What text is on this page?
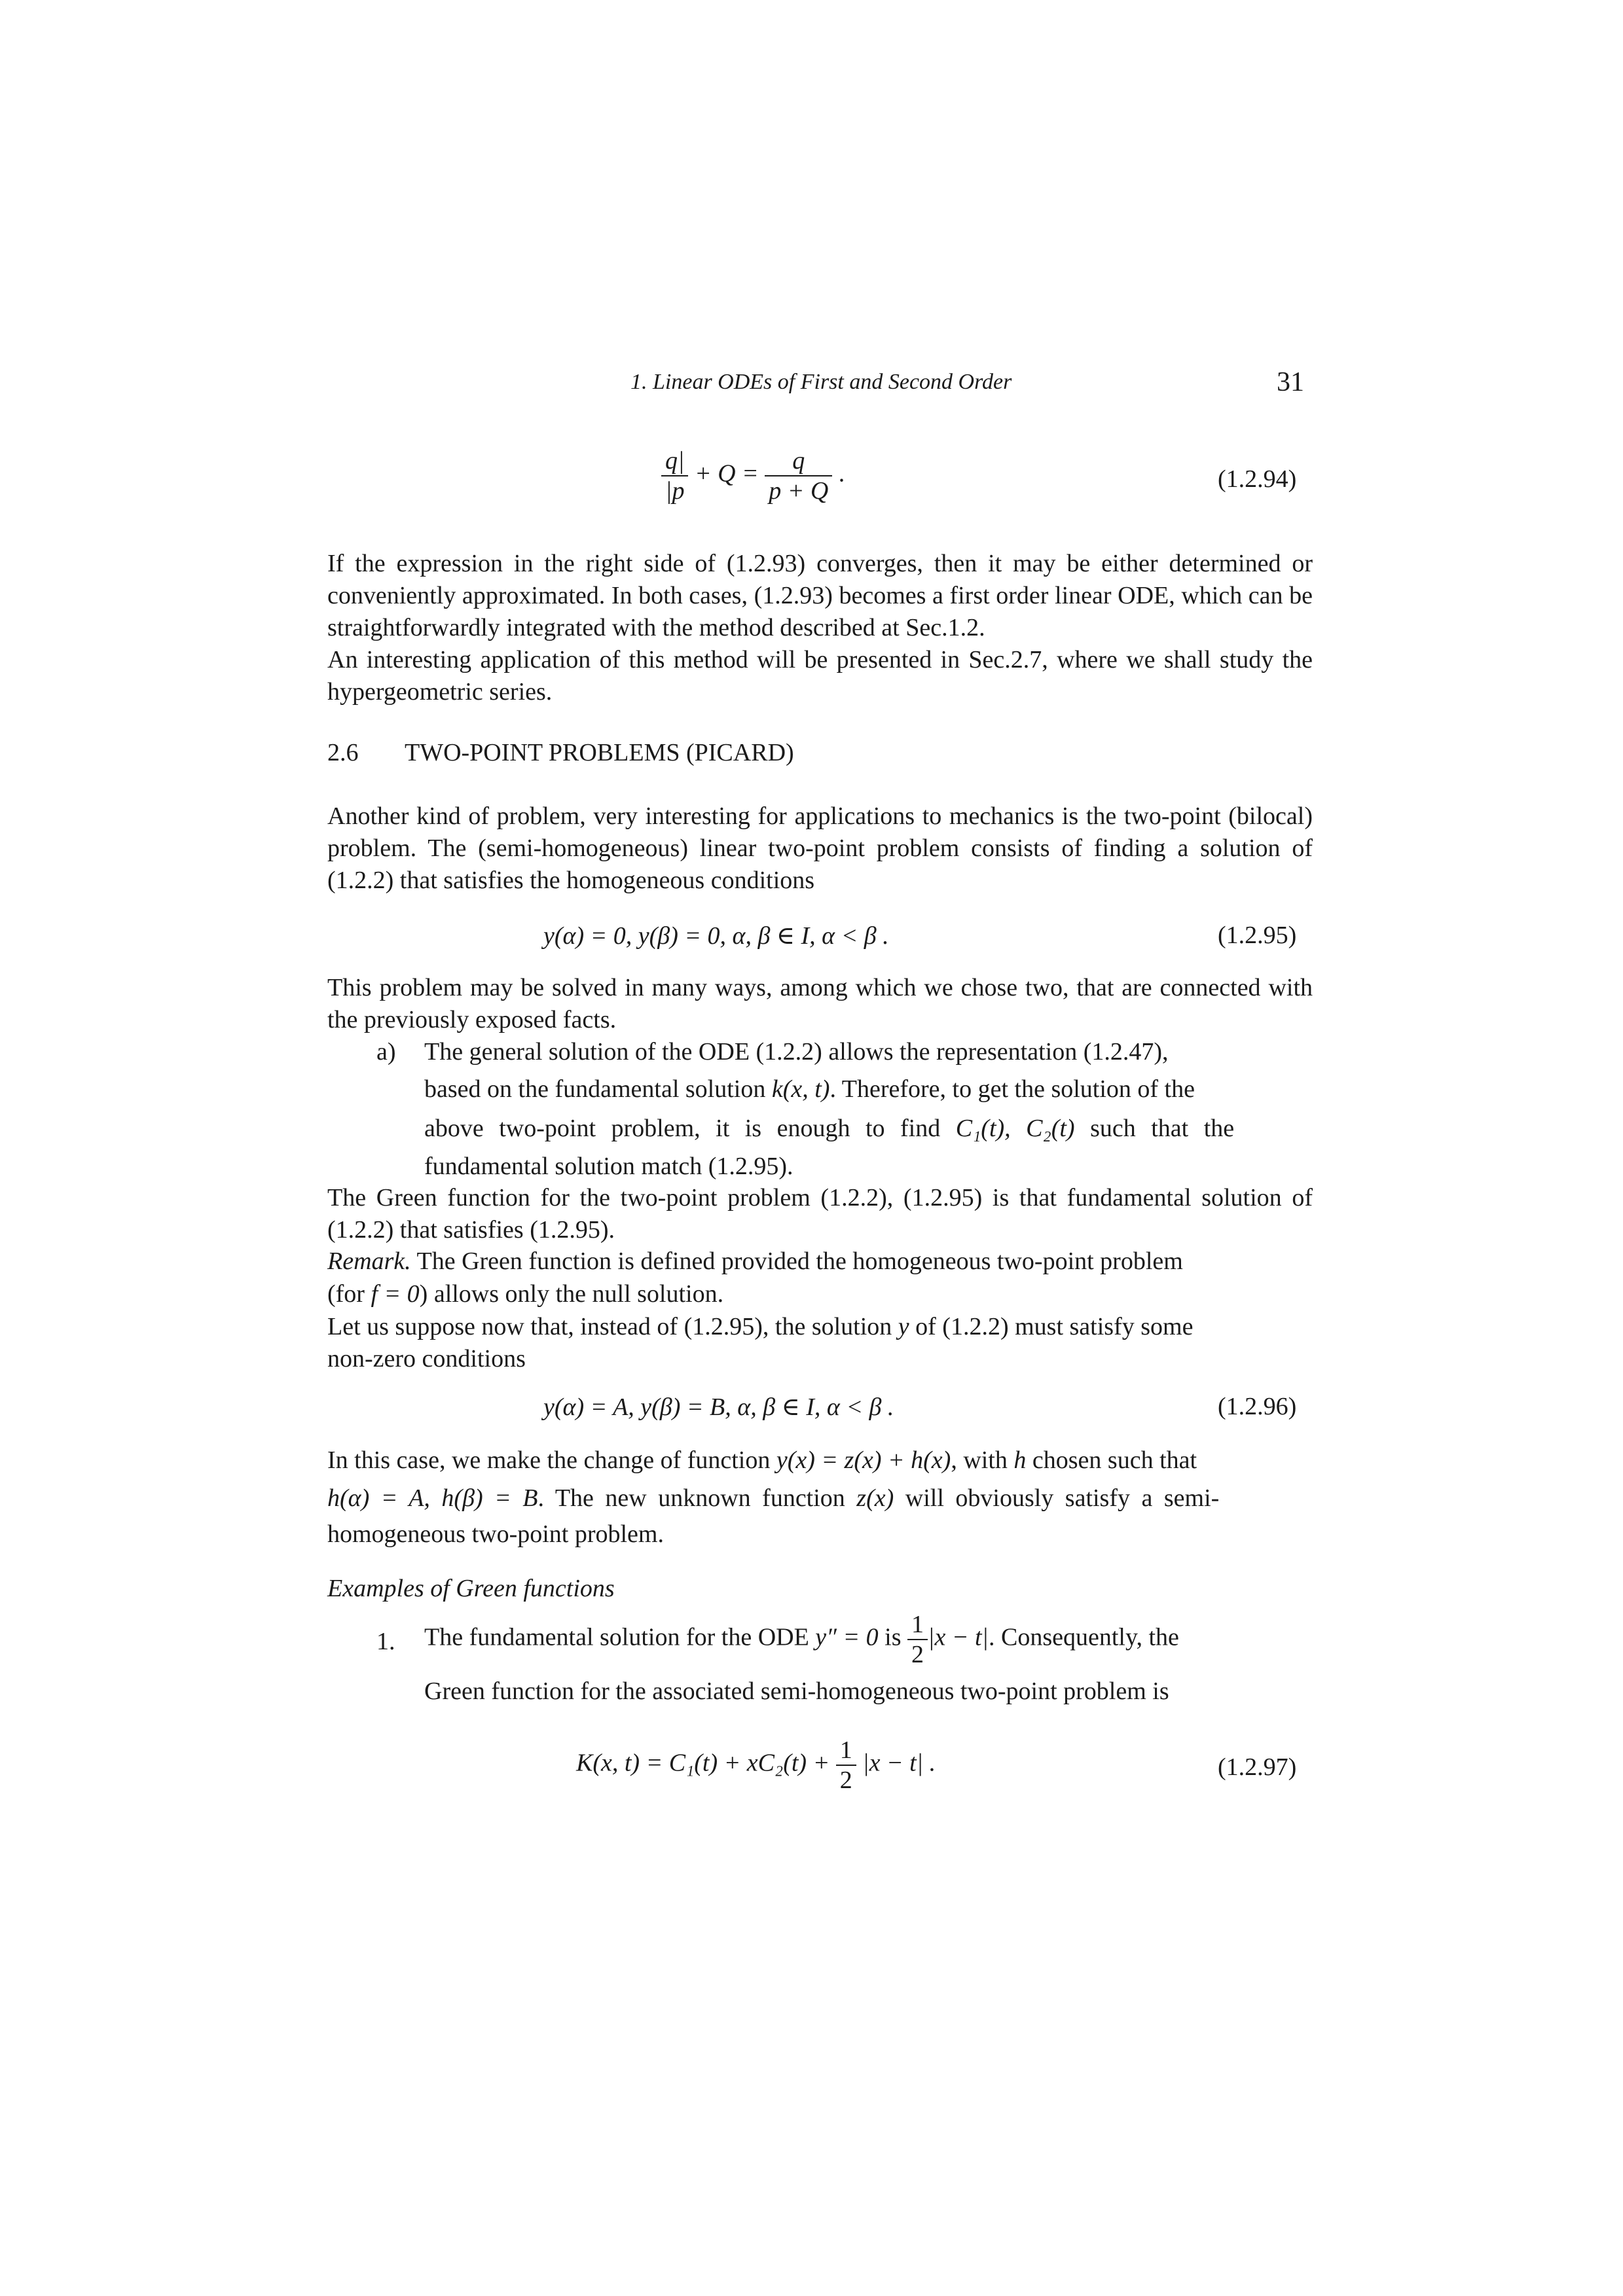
1. Linear ODEs of First and Second Order	31
$\frac{q|}{|p} + Q = \frac{q}{p + Q}$ .	(1.2.94)
If the expression in the right side of (1.2.93) converges, then it may be either determined or conveniently approximated. In both cases, (1.2.93) becomes a first order linear ODE, which can be straightforwardly integrated with the method described at Sec.1.2.
An interesting application of this method will be presented in Sec.2.7, where we shall study the hypergeometric series.
2.6 TWO-POINT PROBLEMS (PICARD)
Another kind of problem, very interesting for applications to mechanics is the two-point (bilocal) problem. The (semi-homogeneous) linear two-point problem consists of finding a solution of (1.2.2) that satisfies the homogeneous conditions
y(α) = 0, y(β) = 0, α, β ∈ I, α < β .	(1.2.95)
This problem may be solved in many ways, among which we chose two, that are connected with the previously exposed facts.
a) The general solution of the ODE (1.2.2) allows the representation (1.2.47),
based on the fundamental solution k(x, t). Therefore, to get the solution of the
above two-point problem, it is enough to find C₁(t), C₂(t) such that the
fundamental solution match (1.2.95).
The Green function for the two-point problem (1.2.2), (1.2.95) is that fundamental solution of (1.2.2) that satisfies (1.2.95).
Remark. The Green function is defined provided the homogeneous two-point problem
(for f = 0) allows only the null solution.
Let us suppose now that, instead of (1.2.95), the solution y of (1.2.2) must satisfy some
non-zero conditions
y(α) = A, y(β) = B, α, β ∈ I, α < β .	(1.2.96)
In this case, we make the change of function y(x) = z(x) + h(x), with h chosen such that
h(α) = A, h(β) = B. The new unknown function z(x) will obviously satisfy a semi-
homogeneous two-point problem.
Examples of Green functions
1. The fundamental solution for the ODE y″ = 0 is $\frac{1}{2} |x - t|$. Consequently, the
Green function for the associated semi-homogeneous two-point problem is
K(x, $t) = C_1(t) + xC_2(t) + \frac{1}{2} |x - t|$ .	(1.2.97)
